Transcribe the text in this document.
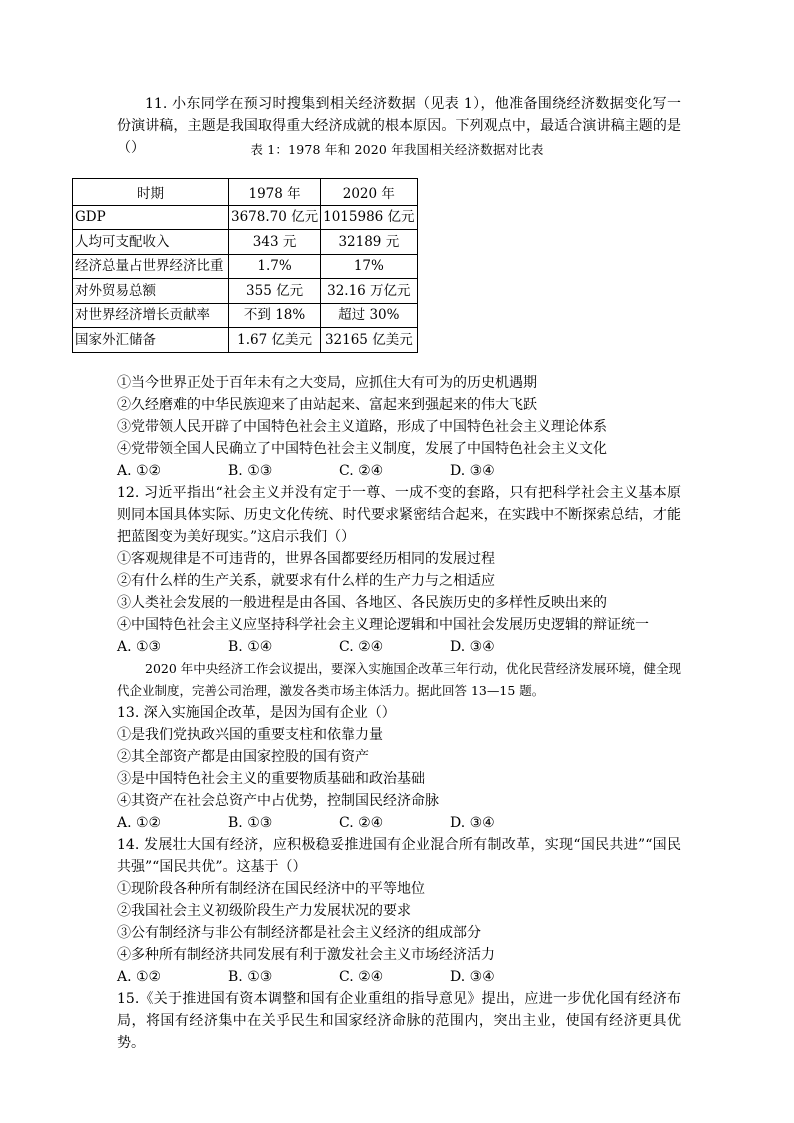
11. 小东同学在预习时搜集到相关经济数据（见表 1），他准备围绕经济数据变化写一份演讲稿，主题是我国取得重大经济成就的根本原因。下列观点中，最适合演讲稿主题的是（）	表 1：1978 年和 2020 年我国相关经济数据对比表
时期	1978 年	2020 年
GDP	3678.70 亿元	1015986 亿元
人均可支配收入	343 元	32189 元
经济总量占世界经济比重	1.7%	17%
对外贸易总额	355 亿元	32.16 万亿元
对世界经济增长贡献率	不到 18%	超过 30%
国家外汇储备	1.67 亿美元	32165 亿美元
①当今世界正处于百年未有之大变局，应抓住大有可为的历史机遇期
②久经磨难的中华民族迎来了由站起来、富起来到强起来的伟大飞跃
③党带领人民开辟了中国特色社会主义道路，形成了中国特色社会主义理论体系
④党带领全国人民确立了中国特色社会主义制度，发展了中国特色社会主义文化
A. ①②	B. ①③	C. ②④	D. ③④
12. 习近平指出“社会主义并没有定于一尊、一成不变的套路，只有把科学社会主义基本原则同本国具体实际、历史文化传统、时代要求紧密结合起来，在实践中不断探索总结，才能把蓝图变为美好现实。”这启示我们（）
①客观规律是不可违背的，世界各国都要经历相同的发展过程
②有什么样的生产关系，就要求有什么样的生产力与之相适应
③人类社会发展的一般进程是由各国、各地区、各民族历史的多样性反映出来的
④中国特色社会主义应坚持科学社会主义理论逻辑和中国社会发展历史逻辑的辩证统一
A. ①③	B. ①④	C. ②④	D. ③④
2020 年中央经济工作会议提出，要深入实施国企改革三年行动，优化民营经济发展环境，健全现代企业制度，完善公司治理，激发各类市场主体活力。据此回答 13—15 题。
13. 深入实施国企改革，是因为国有企业（）
①是我们党执政兴国的重要支柱和依靠力量
②其全部资产都是由国家控股的国有资产
③是中国特色社会主义的重要物质基础和政治基础
④其资产在社会总资产中占优势，控制国民经济命脉
A. ①②	B. ①③	C. ②④	D. ③④
14. 发展壮大国有经济，应积极稳妥推进国有企业混合所有制改革，实现“国民共进”“国民共强”“国民共优”。这基于（）
①现阶段各种所有制经济在国民经济中的平等地位
②我国社会主义初级阶段生产力发展状况的要求
③公有制经济与非公有制经济都是社会主义经济的组成部分
④多种所有制经济共同发展有利于激发社会主义市场经济活力
A. ①②	B. ①③	C. ②④	D. ③④
15.《关于推进国有资本调整和国有企业重组的指导意见》提出，应进一步优化国有经济布局，将国有经济集中在关乎民生和国家经济命脉的范围内，突出主业，使国有经济更具优势。
